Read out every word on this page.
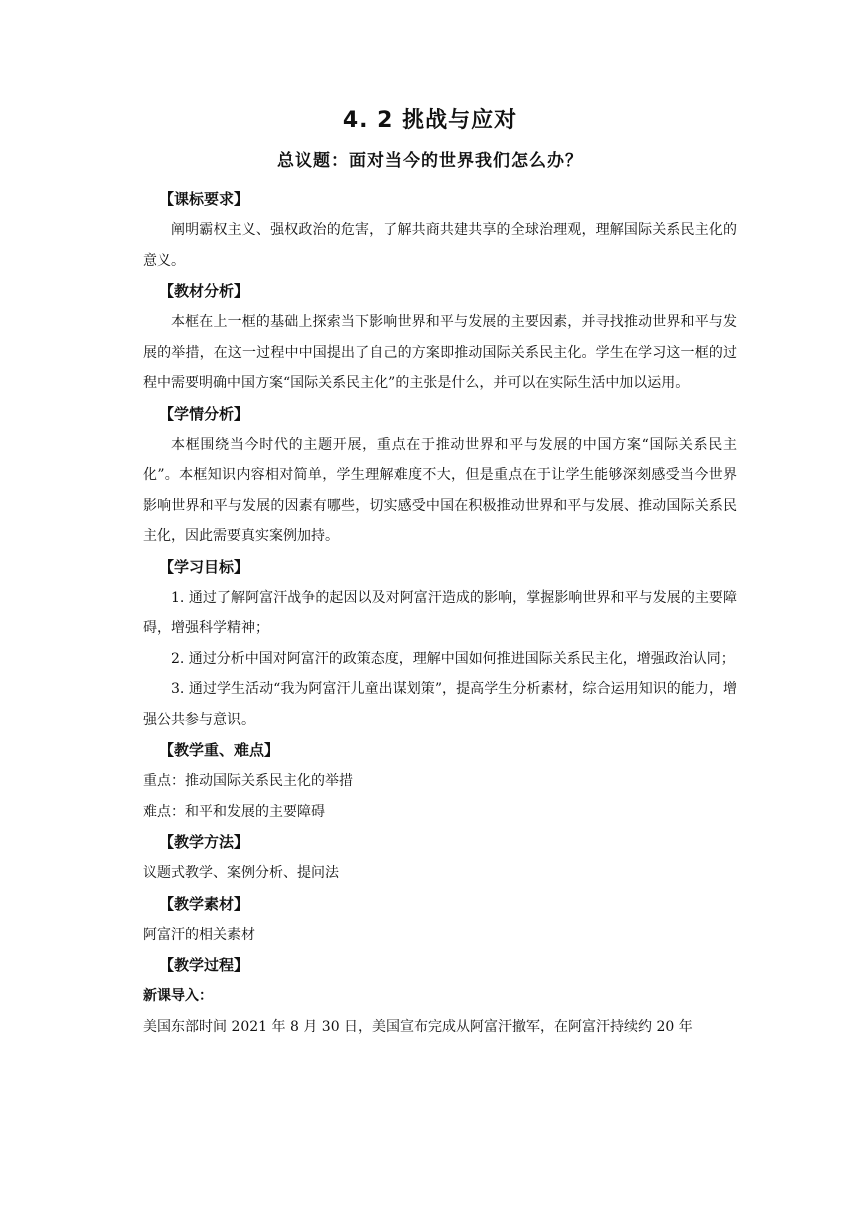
4. 2 挑战与应对
总议题：面对当今的世界我们怎么办？
【课标要求】

阐明霸权主义、强权政治的危害，了解共商共建共享的全球治理观，理解国际关系民主化的意义。

【教材分析】

本框在上一框的基础上探索当下影响世界和平与发展的主要因素，并寻找推动世界和平与发展的举措，在这一过程中中国提出了自己的方案即推动国际关系民主化。学生在学习这一框的过程中需要明确中国方案“国际关系民主化”的主张是什么，并可以在实际生活中加以运用。

【学情分析】

本框围绕当今时代的主题开展，重点在于推动世界和平与发展的中国方案“国际关系民主化”。本框知识内容相对简单，学生理解难度不大，但是重点在于让学生能够深刻感受当今世界影响世界和平与发展的因素有哪些，切实感受中国在积极推动世界和平与发展、推动国际关系民主化，因此需要真实案例加持。

【学习目标】

1. 通过了解阿富汗战争的起因以及对阿富汗造成的影响，掌握影响世界和平与发展的主要障碍，增强科学精神；

2. 通过分析中国对阿富汗的政策态度，理解中国如何推进国际关系民主化，增强政治认同；

3. 通过学生活动“我为阿富汗儿童出谋划策”，提高学生分析素材，综合运用知识的能力，增强公共参与意识。

【教学重、难点】

重点：推动国际关系民主化的举措

难点：和平和发展的主要障碍

【教学方法】

议题式教学、案例分析、提问法

【教学素材】

阿富汗的相关素材

【教学过程】

新课导入：

美国东部时间 2021 年 8 月 30 日，美国宣布完成从阿富汗撤军，在阿富汗持续约 20 年
